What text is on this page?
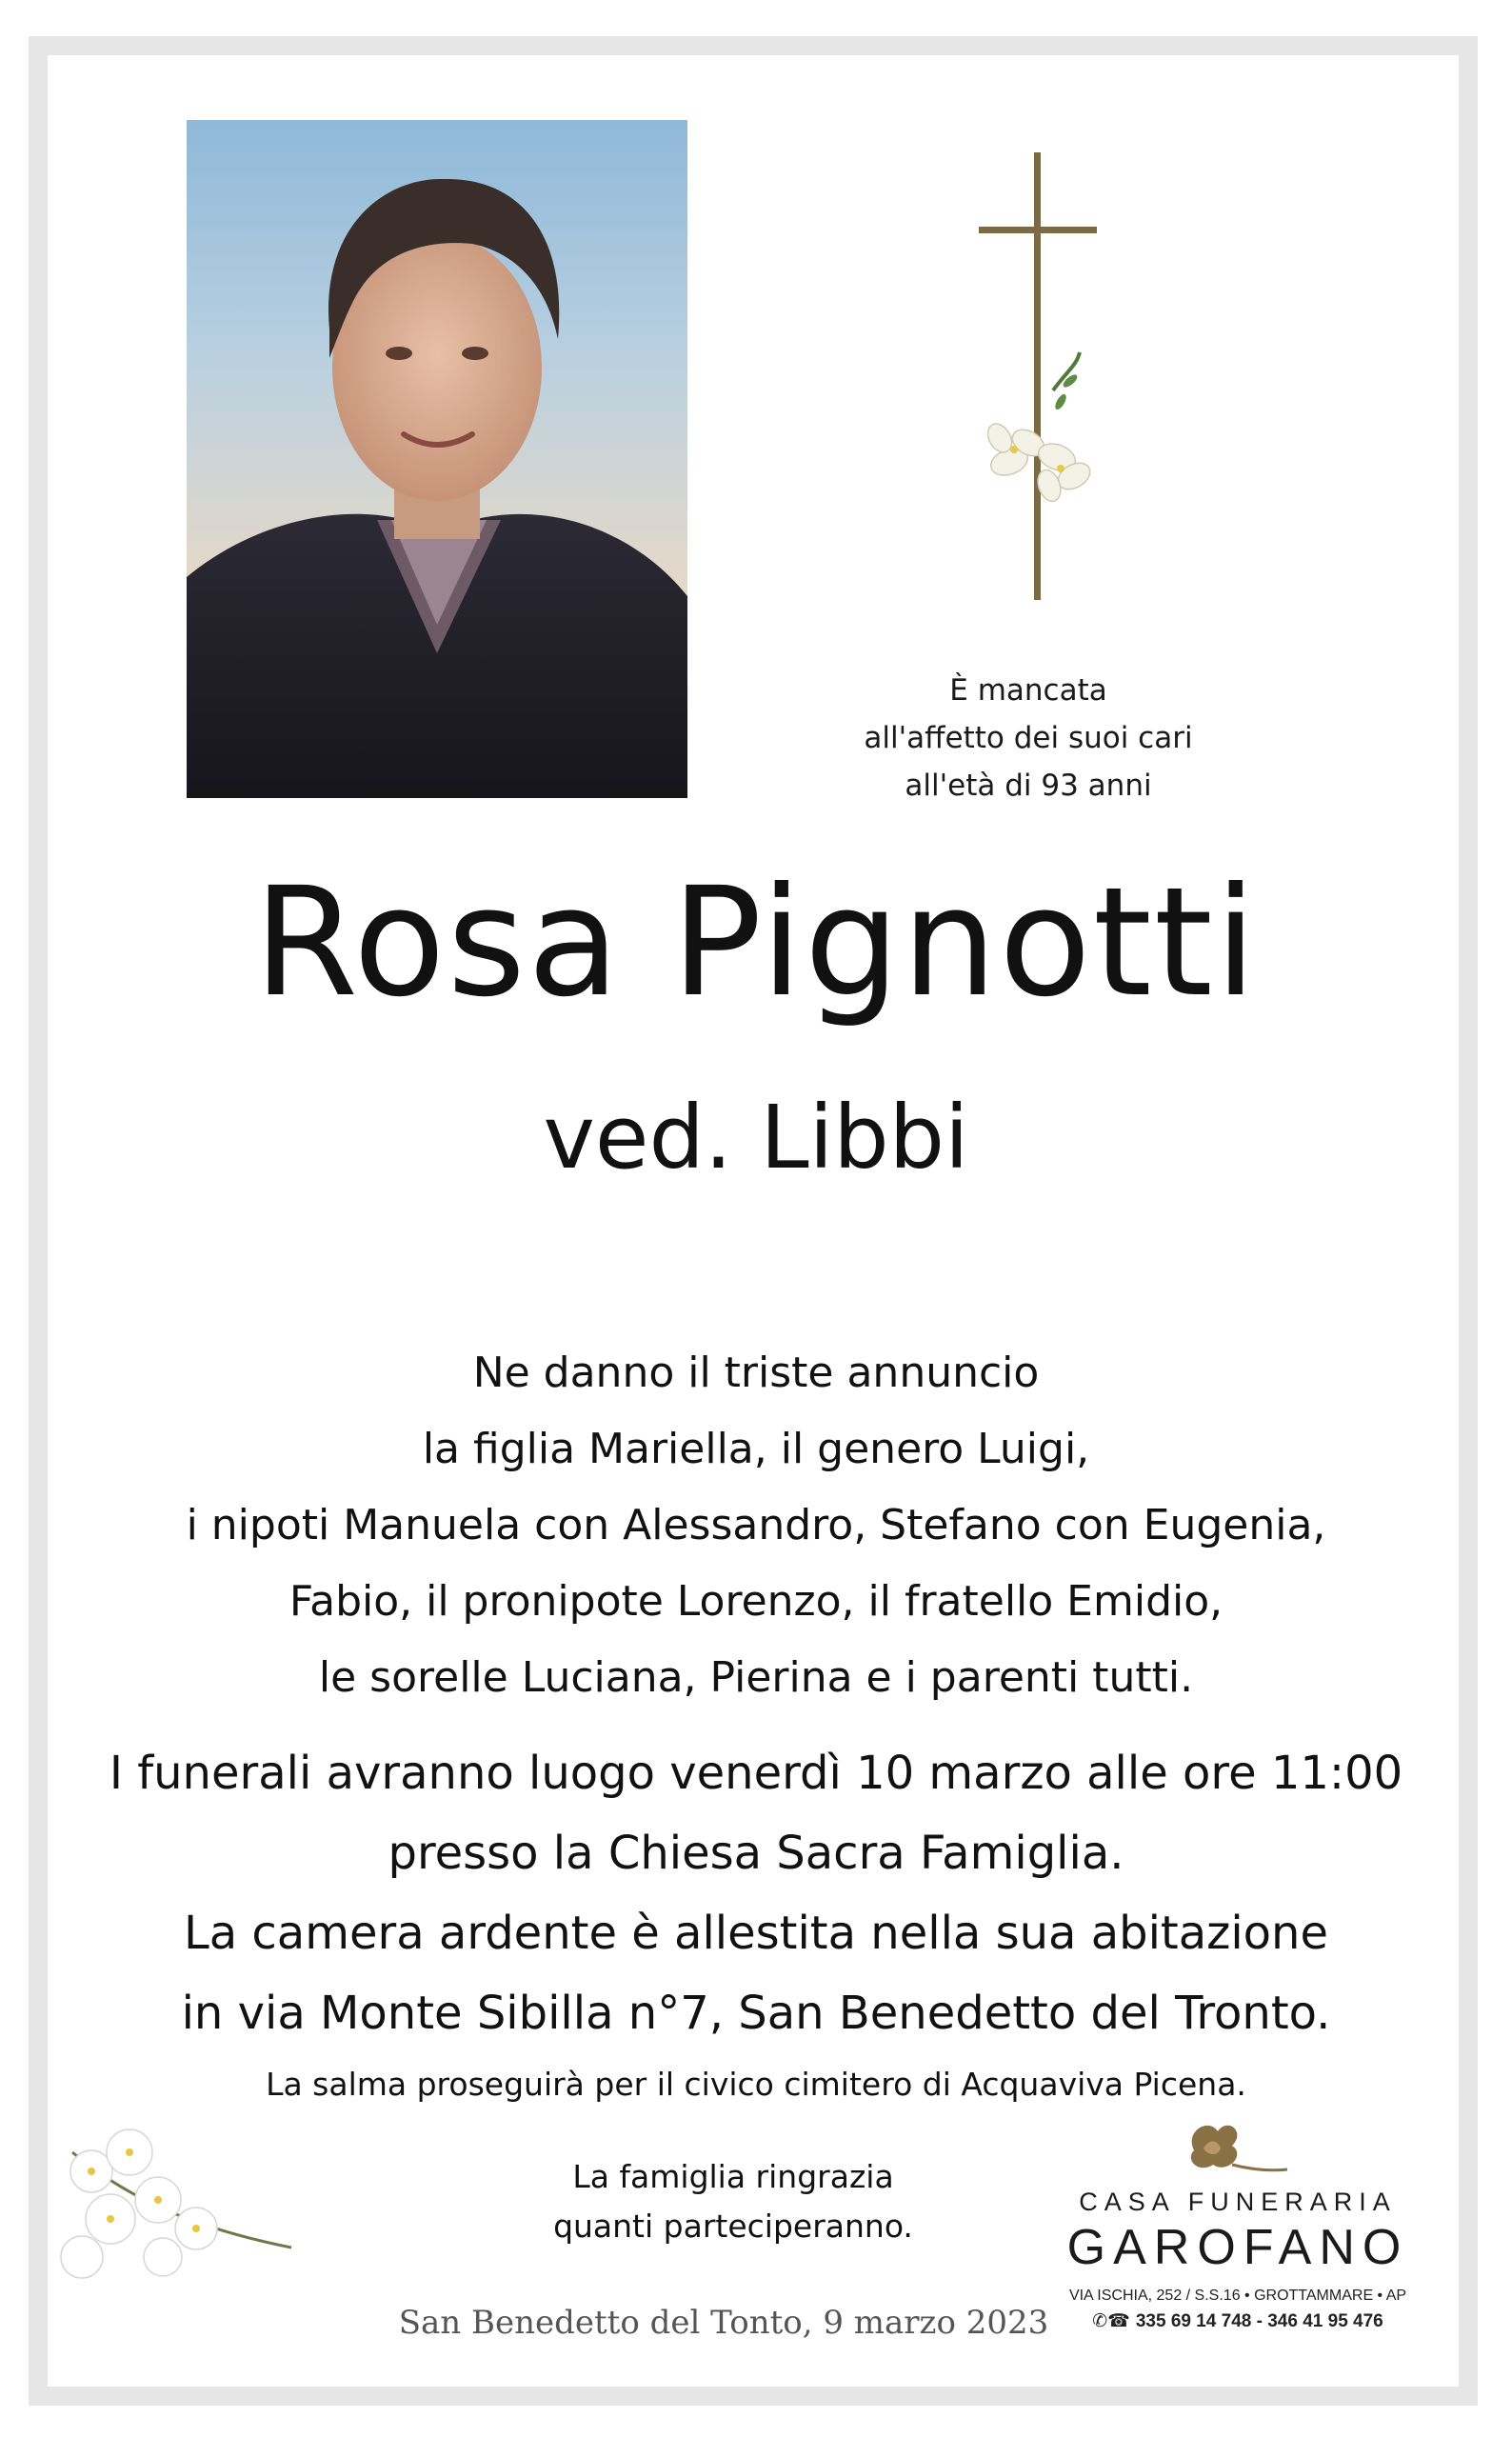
È mancata
all'affetto dei suoi cari
all'età di 93 anni
Rosa Pignotti
ved. Libbi
Ne danno il triste annuncio
la figlia Mariella, il genero Luigi,
i nipoti Manuela con Alessandro, Stefano con Eugenia,
Fabio, il pronipote Lorenzo, il fratello Emidio,
le sorelle Luciana, Pierina e i parenti tutti.
I funerali avranno luogo venerdì 10 marzo alle ore 11:00
presso la Chiesa Sacra Famiglia.
La camera ardente è allestita nella sua abitazione
in via Monte Sibilla n°7, San Benedetto del Tronto.
La salma proseguirà per il civico cimitero di Acquaviva Picena.
La famiglia ringrazia
quanti parteciperanno.
San Benedetto del Tonto, 9 marzo 2023
CASA FUNERARIA
GAROFANO
VIA ISCHIA, 252 / S.S.16 • GROTTAMMARE • AP
✆☎ 335 69 14 748 - 346 41 95 476
